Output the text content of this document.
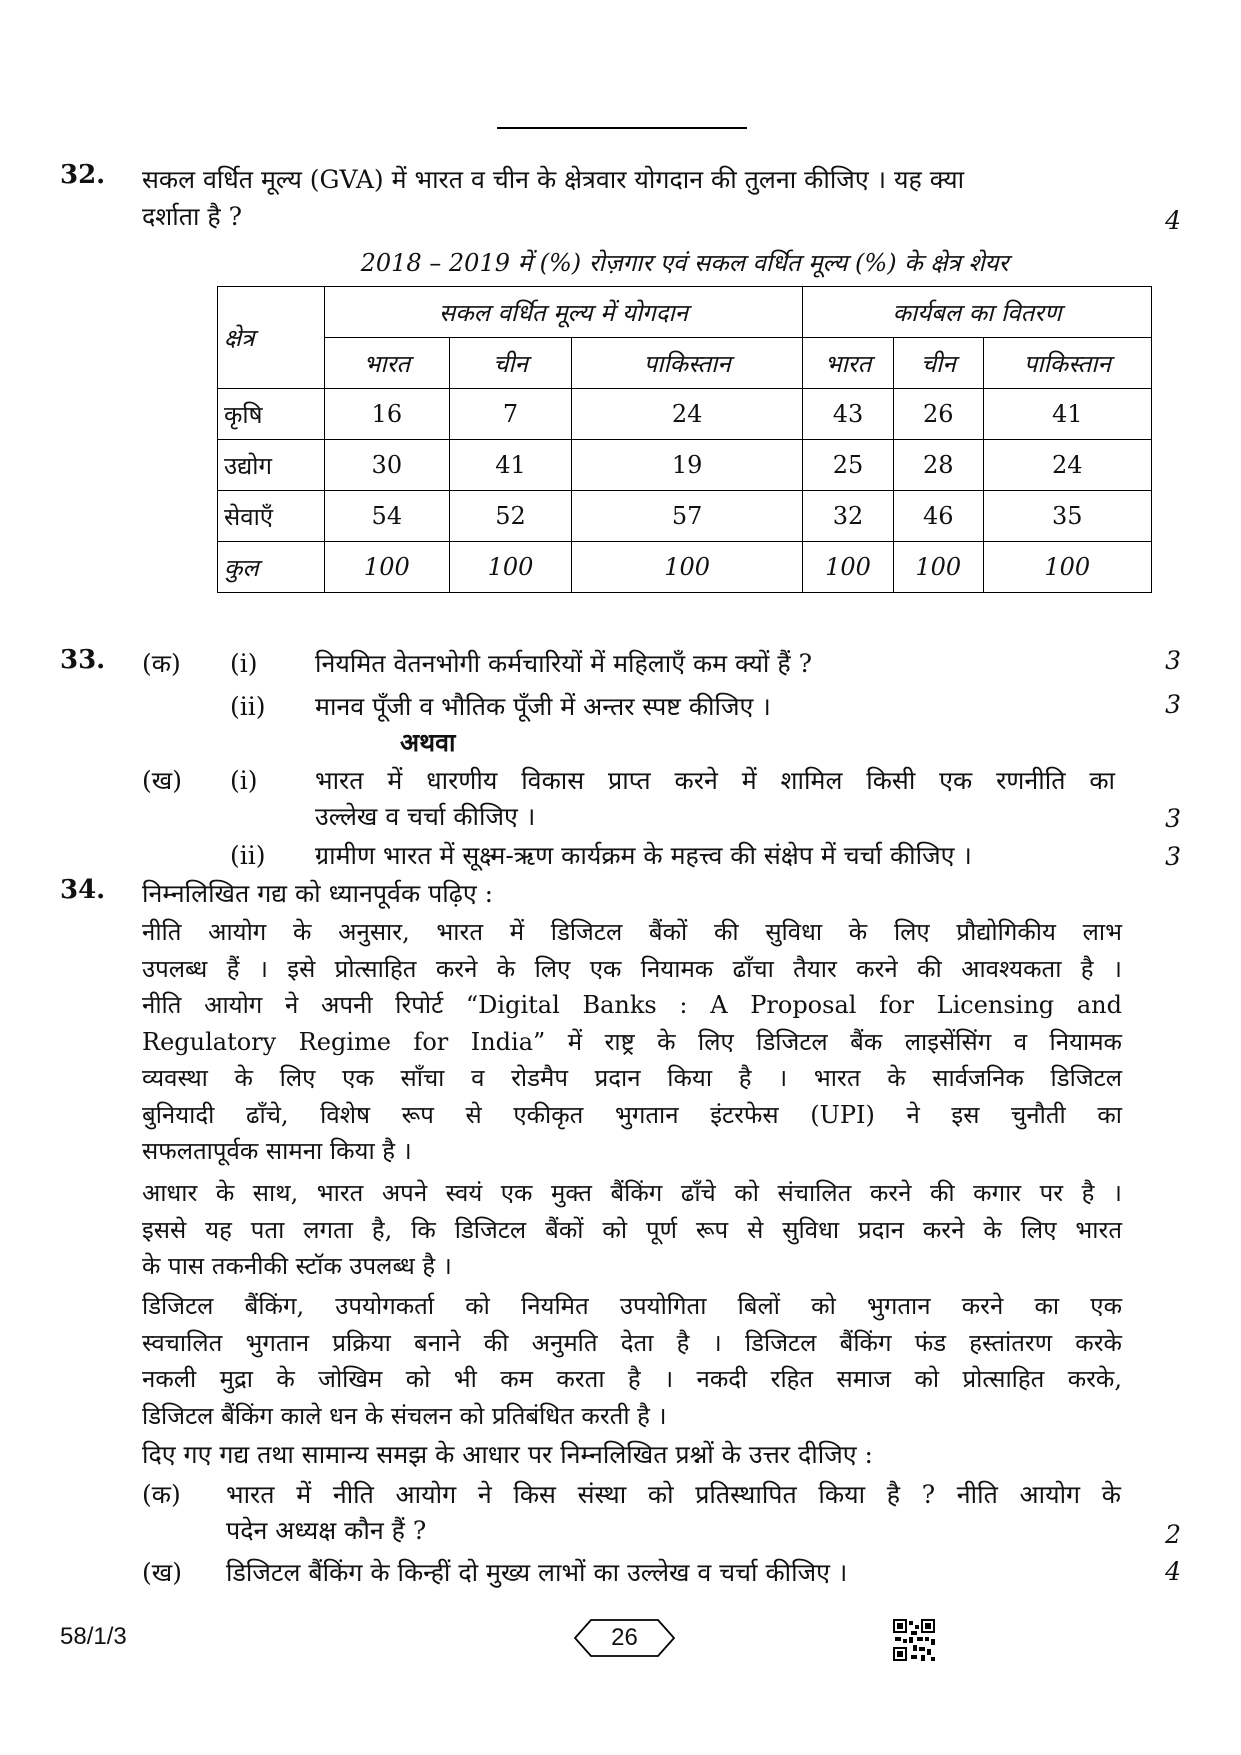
32. सकल वर्धित मूल्य (GVA) में भारत व चीन के क्षेत्रवार योगदान की तुलना कीजिए । यह क्या
दर्शाता है ?	4
2018 – 2019 में (%) रोज़गार एवं सकल वर्धित मूल्य (%) के क्षेत्र शेयर
क्षेत्र	सकल वर्धित मूल्य में योगदान			कार्यबल का वितरण		
	भारत	चीन	पाकिस्तान	भारत	चीन	पाकिस्तान
कृषि	16	7	24	43	26	41
उद्योग	30	41	19	25	28	24
सेवाएँ	54	52	57	32	46	35
कुल	100	100	100	100	100	100
33. (क) (i) नियमित वेतनभोगी कर्मचारियों में महिलाएँ कम क्यों हैं ?	3
(ii) मानव पूँजी व भौतिक पूँजी में अन्तर स्पष्ट कीजिए ।	3
अथवा
(ख) (i) भारत में धारणीय विकास प्राप्त करने में शामिल किसी एक रणनीति का
उल्लेख व चर्चा कीजिए ।	3
(ii) ग्रामीण भारत में सूक्ष्म-ऋण कार्यक्रम के महत्त्व की संक्षेप में चर्चा कीजिए ।	3
34. निम्नलिखित गद्य को ध्यानपूर्वक पढ़िए :
नीति आयोग के अनुसार, भारत में डिजिटल बैंकों की सुविधा के लिए प्रौद्योगिकीय लाभ
उपलब्ध हैं । इसे प्रोत्साहित करने के लिए एक नियामक ढाँचा तैयार करने की आवश्यकता है ।
नीति आयोग ने अपनी रिपोर्ट “Digital Banks : A Proposal for Licensing and
Regulatory Regime for India” में राष्ट्र के लिए डिजिटल बैंक लाइसेंसिंग व नियामक
व्यवस्था के लिए एक साँचा व रोडमैप प्रदान किया है । भारत के सार्वजनिक डिजिटल
बुनियादी ढाँचे, विशेष रूप से एकीकृत भुगतान इंटरफेस (UPI) ने इस चुनौती का
सफलतापूर्वक सामना किया है ।
आधार के साथ, भारत अपने स्वयं एक मुक्त बैंकिंग ढाँचे को संचालित करने की कगार पर है ।
इससे यह पता लगता है, कि डिजिटल बैंकों को पूर्ण रूप से सुविधा प्रदान करने के लिए भारत
के पास तकनीकी स्टॉक उपलब्ध है ।
डिजिटल बैंकिंग, उपयोगकर्ता को नियमित उपयोगिता बिलों को भुगतान करने का एक
स्वचालित भुगतान प्रक्रिया बनाने की अनुमति देता है । डिजिटल बैंकिंग फंड हस्तांतरण करके
नकली मुद्रा के जोखिम को भी कम करता है । नकदी रहित समाज को प्रोत्साहित करके,
डिजिटल बैंकिंग काले धन के संचलन को प्रतिबंधित करती है ।
दिए गए गद्य तथा सामान्य समझ के आधार पर निम्नलिखित प्रश्नों के उत्तर दीजिए :
(क) भारत में नीति आयोग ने किस संस्था को प्रतिस्थापित किया है ? नीति आयोग के
पदेन अध्यक्ष कौन हैं ?	2
(ख) डिजिटल बैंकिंग के किन्हीं दो मुख्य लाभों का उल्लेख व चर्चा कीजिए ।	4
58/1/3	26
